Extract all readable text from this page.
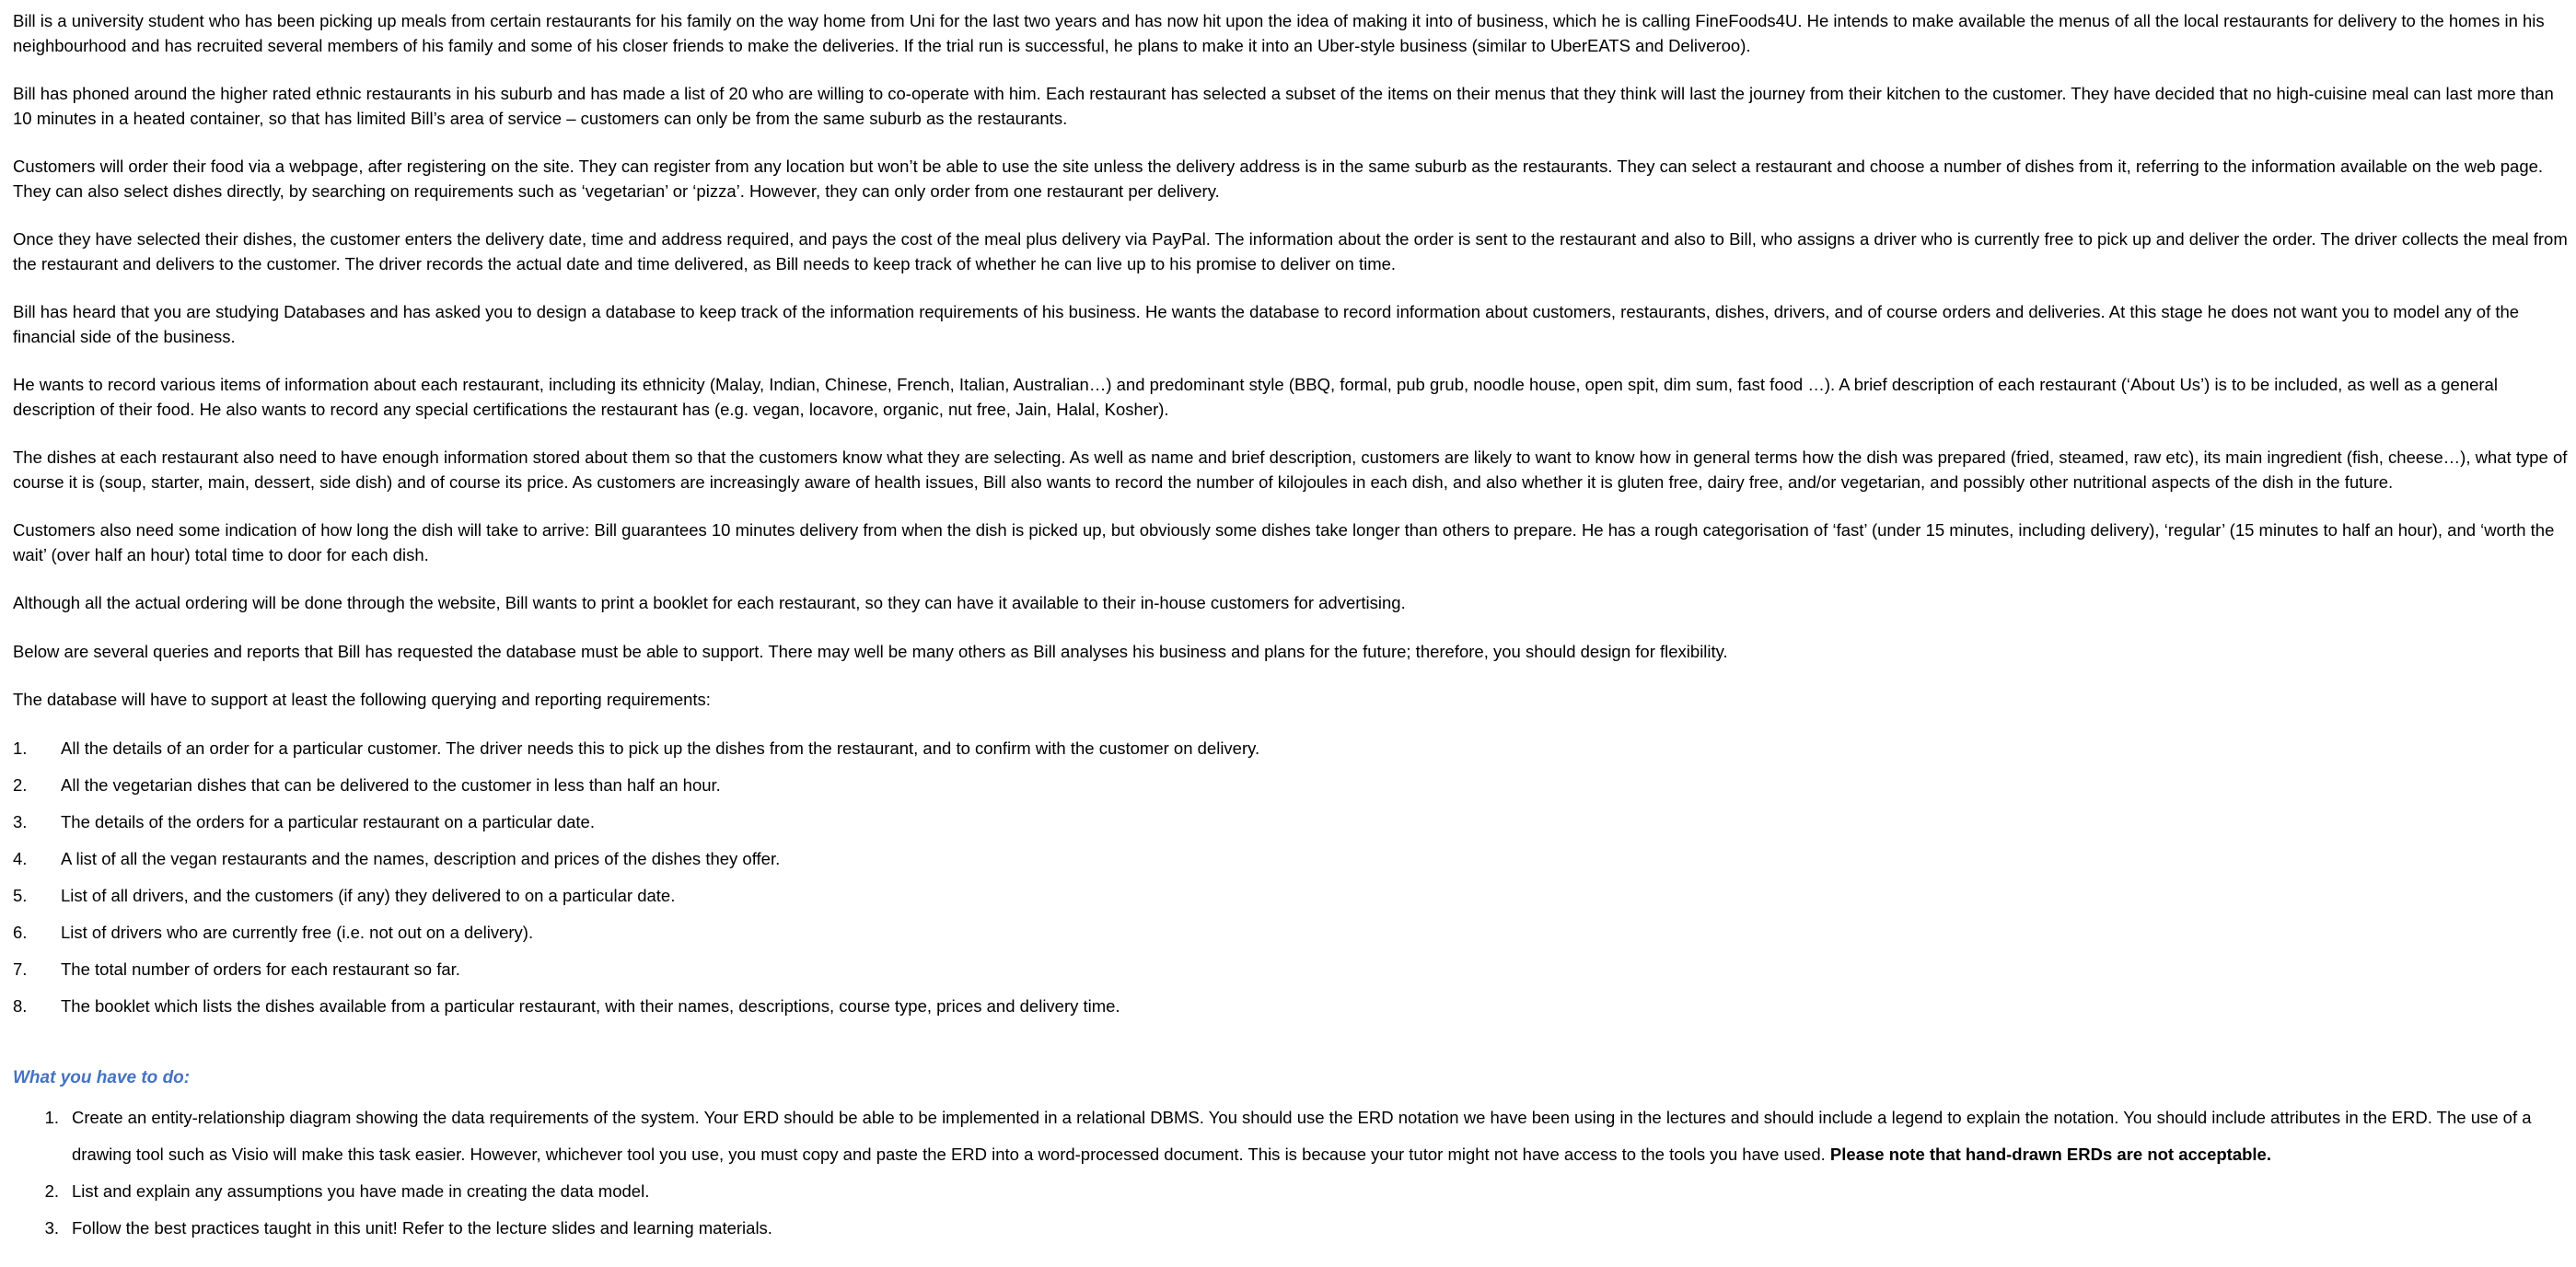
Bill is a university student who has been picking up meals from certain restaurants for his family on the way home from Uni for the last two years and has now hit upon the idea of making it into of business, which he is calling FineFoods4U. He intends to make available the menus of all the local restaurants for delivery to the homes in his neighbourhood and has recruited several members of his family and some of his closer friends to make the deliveries. If the trial run is successful, he plans to make it into an Uber-style business (similar to UberEATS and Deliveroo).

Bill has phoned around the higher rated ethnic restaurants in his suburb and has made a list of 20 who are willing to co-operate with him. Each restaurant has selected a subset of the items on their menus that they think will last the journey from their kitchen to the customer. They have decided that no high-cuisine meal can last more than 10 minutes in a heated container, so that has limited Bill’s area of service – customers can only be from the same suburb as the restaurants.

Customers will order their food via a webpage, after registering on the site. They can register from any location but won’t be able to use the site unless the delivery address is in the same suburb as the restaurants. They can select a restaurant and choose a number of dishes from it, referring to the information available on the web page. They can also select dishes directly, by searching on requirements such as ‘vegetarian’ or ‘pizza’. However, they can only order from one restaurant per delivery.

Once they have selected their dishes, the customer enters the delivery date, time and address required, and pays the cost of the meal plus delivery via PayPal. The information about the order is sent to the restaurant and also to Bill, who assigns a driver who is currently free to pick up and deliver the order. The driver collects the meal from the restaurant and delivers to the customer. The driver records the actual date and time delivered, as Bill needs to keep track of whether he can live up to his promise to deliver on time.

Bill has heard that you are studying Databases and has asked you to design a database to keep track of the information requirements of his business. He wants the database to record information about customers, restaurants, dishes, drivers, and of course orders and deliveries. At this stage he does not want you to model any of the financial side of the business.

He wants to record various items of information about each restaurant, including its ethnicity (Malay, Indian, Chinese, French, Italian, Australian…) and predominant style (BBQ, formal, pub grub, noodle house, open spit, dim sum, fast food …). A brief description of each restaurant (‘About Us’) is to be included, as well as a general description of their food. He also wants to record any special certifications the restaurant has (e.g. vegan, locavore, organic, nut free, Jain, Halal, Kosher).

The dishes at each restaurant also need to have enough information stored about them so that the customers know what they are selecting. As well as name and brief description, customers are likely to want to know how in general terms how the dish was prepared (fried, steamed, raw etc), its main ingredient (fish, cheese…), what type of course it is (soup, starter, main, dessert, side dish) and of course its price. As customers are increasingly aware of health issues, Bill also wants to record the number of kilojoules in each dish, and also whether it is gluten free, dairy free, and/or vegetarian, and possibly other nutritional aspects of the dish in the future.

Customers also need some indication of how long the dish will take to arrive: Bill guarantees 10 minutes delivery from when the dish is picked up, but obviously some dishes take longer than others to prepare. He has a rough categorisation of ‘fast’ (under 15 minutes, including delivery), ‘regular’ (15 minutes to half an hour), and ‘worth the wait’ (over half an hour) total time to door for each dish.

Although all the actual ordering will be done through the website, Bill wants to print a booklet for each restaurant, so they can have it available to their in-house customers for advertising.

Below are several queries and reports that Bill has requested the database must be able to support. There may well be many others as Bill analyses his business and plans for the future; therefore, you should design for flexibility.

The database will have to support at least the following querying and reporting requirements:

1.	All the details of an order for a particular customer. The driver needs this to pick up the dishes from the restaurant, and to confirm with the customer on delivery.
2.	All the vegetarian dishes that can be delivered to the customer in less than half an hour.
3.	The details of the orders for a particular restaurant on a particular date.
4.	A list of all the vegan restaurants and the names, description and prices of the dishes they offer.
5.	List of all drivers, and the customers (if any) they delivered to on a particular date.
6.	List of drivers who are currently free (i.e. not out on a delivery).
7.	The total number of orders for each restaurant so far.
8.	The booklet which lists the dishes available from a particular restaurant, with their names, descriptions, course type, prices and delivery time.
What you have to do:
1. Create an entity-relationship diagram showing the data requirements of the system. Your ERD should be able to be implemented in a relational DBMS. You should use the ERD notation we have been using in the lectures and should include a legend to explain the notation. You should include attributes in the ERD. The use of a drawing tool such as Visio will make this task easier. However, whichever tool you use, you must copy and paste the ERD into a word-processed document. This is because your tutor might not have access to the tools you have used. Please note that hand-drawn ERDs are not acceptable.
2. List and explain any assumptions you have made in creating the data model.
3. Follow the best practices taught in this unit! Refer to the lecture slides and learning materials.
